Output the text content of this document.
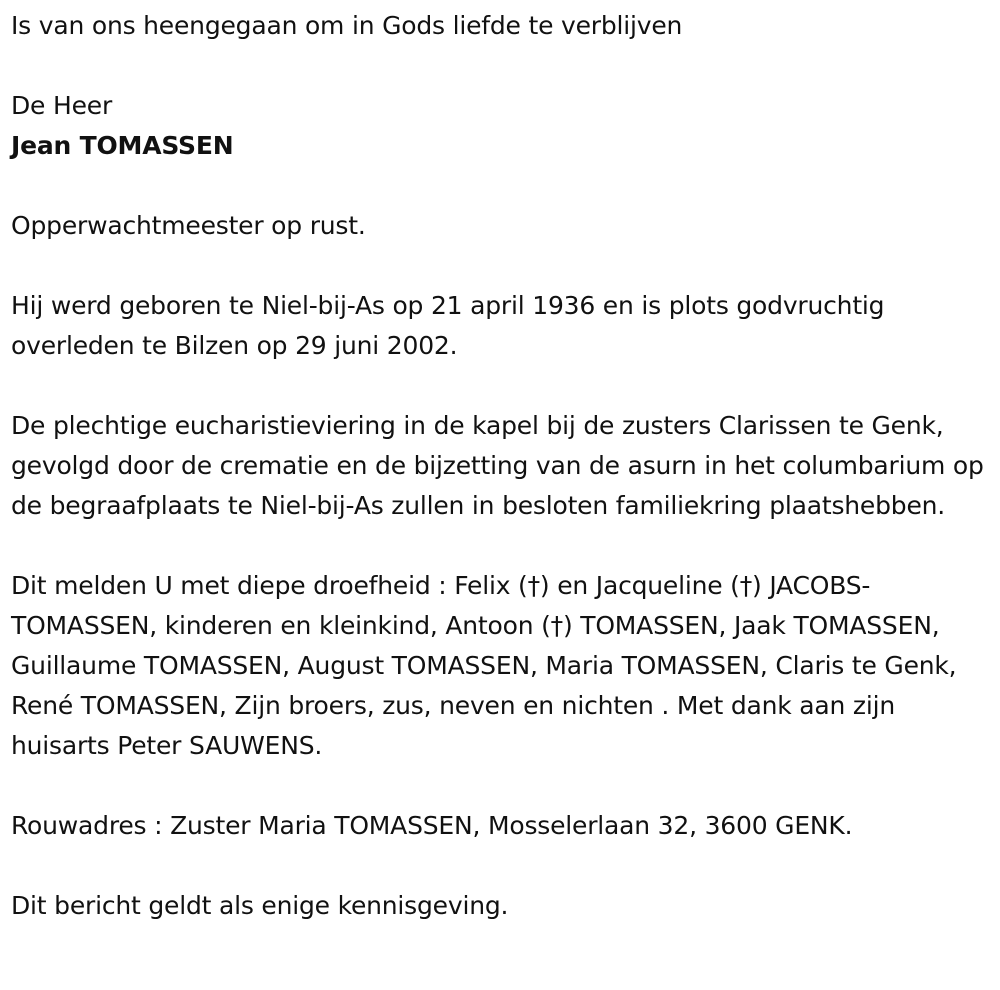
Is van ons heengegaan om in Gods liefde te verblijven

De Heer

Jean TOMASSEN

Opperwachtmeester op rust.

Hij werd geboren te Niel-bij-As op 21 april 1936 en is plots godvruchtig overleden te Bilzen op 29 juni 2002.

De plechtige eucharistieviering in de kapel bij de zusters Clarissen te Genk, gevolgd door de crematie en de bijzetting van de asurn in het columbarium op de begraafplaats te Niel-bij-As zullen in besloten familiekring plaatshebben.

Dit melden U met diepe droefheid : Felix (†) en Jacqueline (†) JACOBS-TOMASSEN, kinderen en kleinkind, Antoon (†) TOMASSEN, Jaak TOMASSEN, Guillaume TOMASSEN, August TOMASSEN, Maria TOMASSEN, Claris te Genk, René TOMASSEN, Zijn broers, zus, neven en nichten . Met dank aan zijn huisarts Peter SAUWENS.

Rouwadres : Zuster Maria TOMASSEN, Mosselerlaan 32, 3600 GENK.

Dit bericht geldt als enige kennisgeving.
